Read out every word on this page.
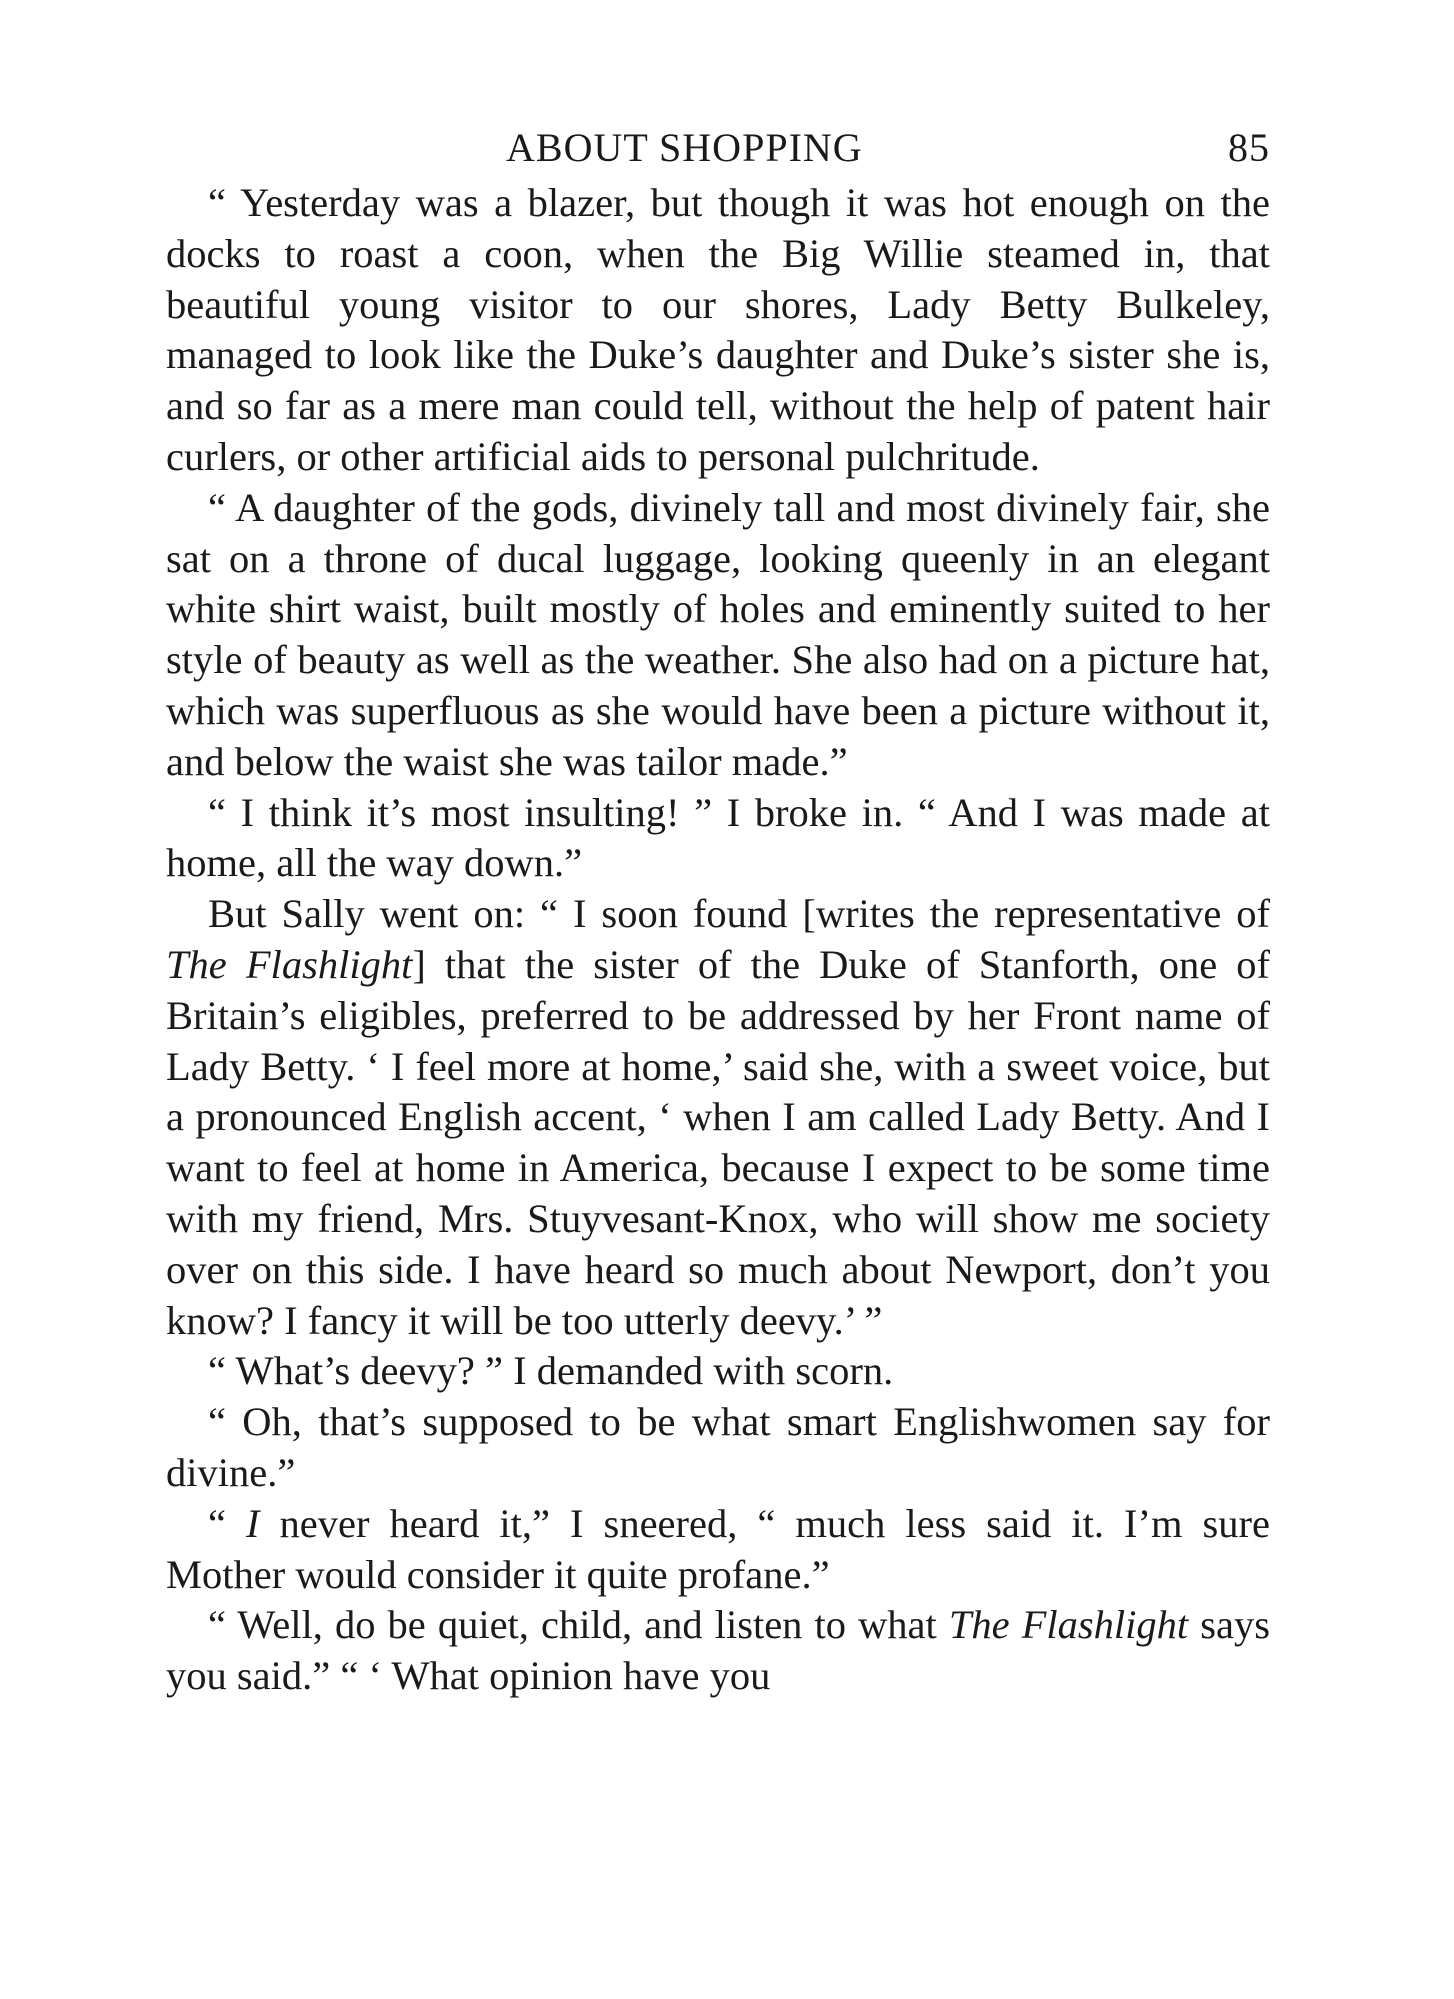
ABOUT SHOPPING	85

“ Yesterday was a blazer, but though it was hot enough on the docks to roast a coon, when the Big Willie steamed in, that beautiful young visitor to our shores, Lady Betty Bulkeley, managed to look like the Duke’s daughter and Duke’s sister she is, and so far as a mere man could tell, without the help of patent hair curlers, or other artificial aids to personal pulchritude.

“ A daughter of the gods, divinely tall and most divinely fair, she sat on a throne of ducal luggage, looking queenly in an elegant white shirt waist, built mostly of holes and eminently suited to her style of beauty as well as the weather. She also had on a picture hat, which was superfluous as she would have been a picture without it, and below the waist she was tailor made.”

“ I think it’s most insulting! ” I broke in. “ And I was made at home, all the way down.”

But Sally went on: “ I soon found [writes the representative of The Flashlight] that the sister of the Duke of Stanforth, one of Britain’s eligibles, preferred to be addressed by her Front name of Lady Betty. ‘ I feel more at home,’ said she, with a sweet voice, but a pronounced English accent, ‘ when I am called Lady Betty. And I want to feel at home in America, because I expect to be some time with my friend, Mrs. Stuyvesant-Knox, who will show me society over on this side. I have heard so much about Newport, don’t you know? I fancy it will be too utterly deevy.’ ”

“ What’s deevy? ” I demanded with scorn.

“ Oh, that’s supposed to be what smart Englishwomen say for divine.”

“ I never heard it,” I sneered, “ much less said it. I’m sure Mother would consider it quite profane.”

“ Well, do be quiet, child, and listen to what The Flashlight says you said.” “ ‘ What opinion have you
